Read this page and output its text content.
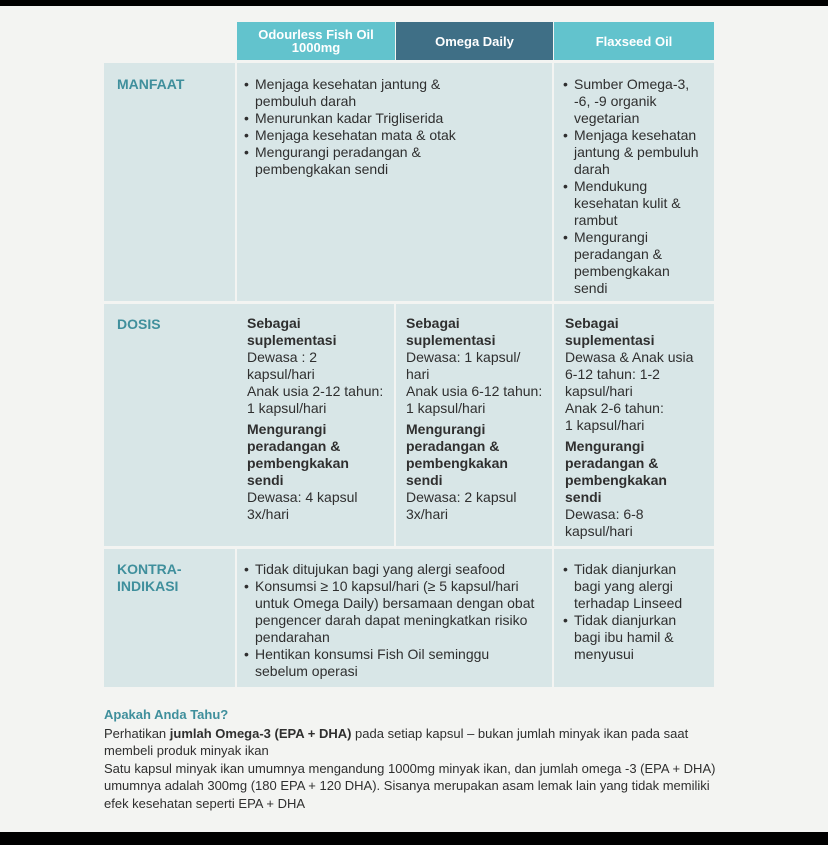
Odourless Fish Oil 1000mg	Omega Daily	Flaxseed Oil
MANFAAT
•	Menjaga kesehatan jantung & pembuluh darah
• Menurunkan kadar Trigliserida
• Menjaga kesehatan mata & otak
• Mengurangi peradangan & pembengkakan sendi
• Sumber Omega-3, -6, -9 organik vegetarian
• Menjaga kesehatan jantung & pembuluh darah
• Mendukung kesehatan kulit & rambut
• Mengurangi peradangan & pembengkakan sendi
DOSIS	Sebagai suplementasi
Dewasa : 2 kapsul/hari
Anak usia 2-12 tahun:
1 kapsul/hari
Mengurangi peradangan & pembengkakan sendi
Dewasa: 4 kapsul 3x/hari
Sebagai suplementasi
Dewasa: 1 kapsul/ hari
Anak usia 6-12 tahun:
1 kapsul/hari
Mengurangi peradangan & pembengkakan sendi
Dewasa: 2 kapsul 3x/hari
Sebagai suplementasi
Dewasa & Anak usia 6-12 tahun: 1-2 kapsul/hari
Anak 2-6 tahun:
1 kapsul/hari
Mengurangi peradangan & pembengkakan sendi
Dewasa: 6-8 kapsul/hari
KONTRA-
INDIKASI
• Tidak ditujukan bagi yang alergi seafood
• Konsumsi ≥ 10 kapsul/hari (≥ 5 kapsul/hari untuk Omega Daily) bersamaan dengan obat pengencer darah dapat meningkatkan risiko pendarahan
• Hentikan konsumsi Fish Oil seminggu sebelum operasi
• Tidak dianjurkan bagi yang alergi terhadap Linseed
• Tidak dianjurkan bagi ibu hamil & menyusui
Apakah Anda Tahu?

Perhatikan jumlah Omega-3 (EPA + DHA) pada setiap kapsul – bukan jumlah minyak ikan pada saat membeli produk minyak ikan

Satu kapsul minyak ikan umumnya mengandung 1000mg minyak ikan, dan jumlah omega -3 (EPA + DHA) umumnya adalah 300mg (180 EPA + 120 DHA). Sisanya merupakan asam lemak lain yang tidak memiliki efek kesehatan seperti EPA + DHA
